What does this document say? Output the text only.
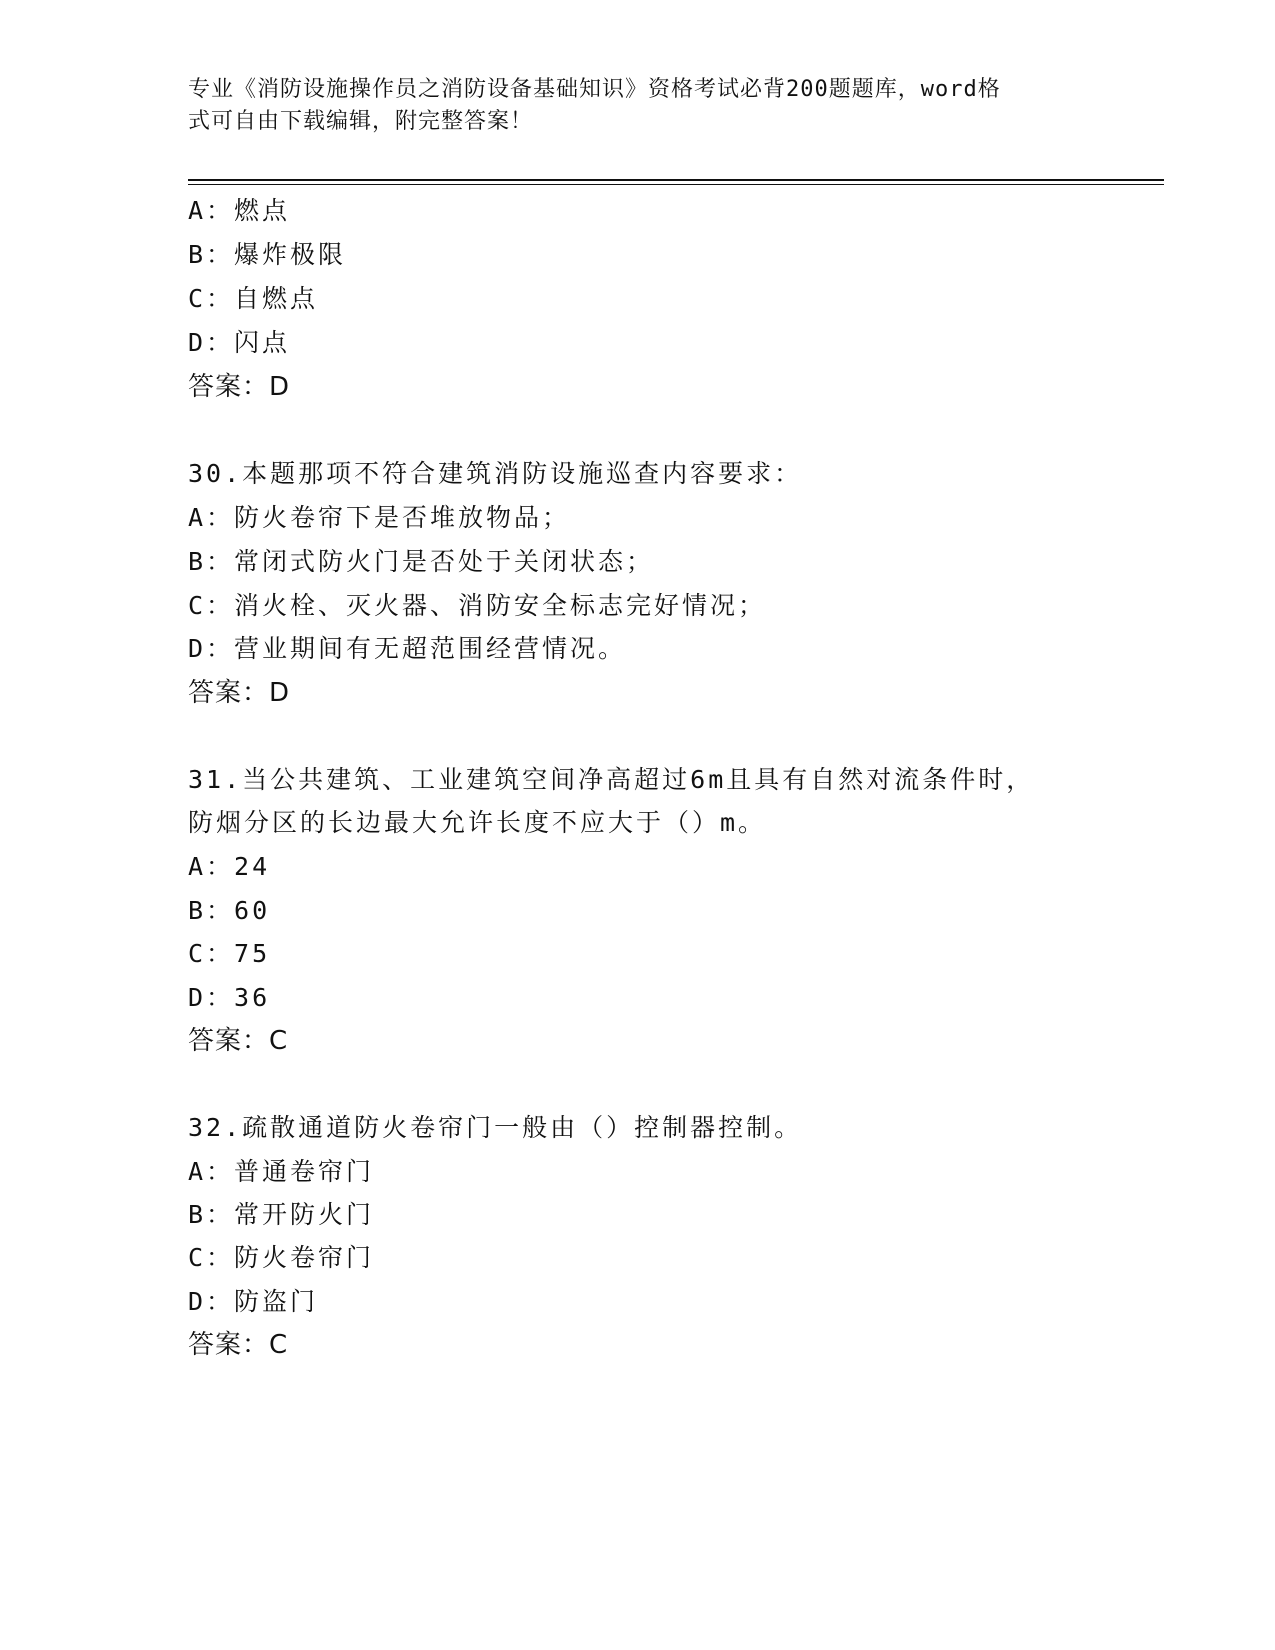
专业《消防设施操作员之消防设备基础知识》资格考试必背200题题库，word格
式可自由下载编辑，附完整答案！
A：燃点
B：爆炸极限
C：自燃点
D：闪点
答案：D
30.本题那项不符合建筑消防设施巡查内容要求：
A：防火卷帘下是否堆放物品；
B：常闭式防火门是否处于关闭状态；
C：消火栓、灭火器、消防安全标志完好情况；
D：营业期间有无超范围经营情况。
答案：D
31.当公共建筑、工业建筑空间净高超过6m且具有自然对流条件时，
防烟分区的长边最大允许长度不应大于（）m。
A：24
B：60
C：75
D：36
答案：C
32.疏散通道防火卷帘门一般由（）控制器控制。
A：普通卷帘门
B：常开防火门
C：防火卷帘门
D：防盗门
答案：C
